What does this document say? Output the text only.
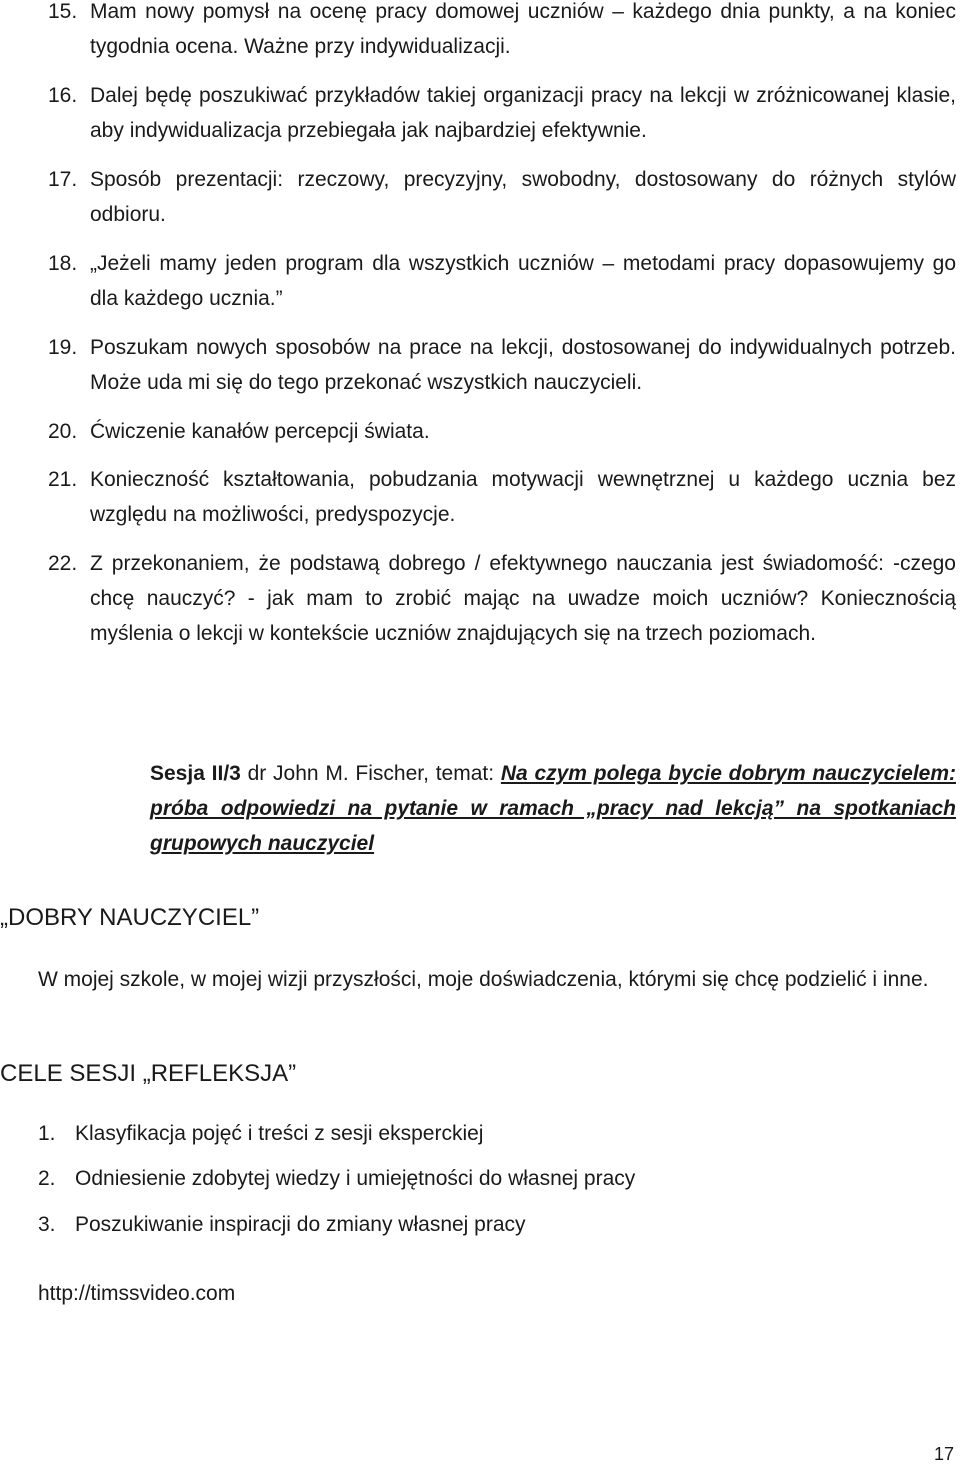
15. Mam nowy pomysł na ocenę pracy domowej uczniów – każdego dnia punkty, a na koniec tygodnia ocena. Ważne przy indywidualizacji.
16. Dalej będę poszukiwać przykładów takiej organizacji pracy na lekcji w zróżnicowanej klasie, aby indywidualizacja przebiegała jak najbardziej efektywnie.
17. Sposób prezentacji: rzeczowy, precyzyjny, swobodny, dostosowany do różnych stylów odbioru.
18. „Jeżeli mamy jeden program dla wszystkich uczniów – metodami pracy dopasowujemy go dla każdego ucznia.”
19. Poszukam nowych sposobów na prace na lekcji, dostosowanej do indywidualnych potrzeb. Może uda mi się do tego przekonać wszystkich nauczycieli.
20. Ćwiczenie kanałów percepcji świata.
21. Konieczność kształtowania, pobudzania motywacji wewnętrznej u każdego ucznia bez względu na możliwości, predyspozycje.
22. Z przekonaniem, że podstawą dobrego / efektywnego nauczania jest świadomość: -czego chcę nauczyć? - jak mam to zrobić mając na uwadze moich uczniów? Koniecznością myślenia o lekcji w kontekście uczniów znajdujących się na trzech poziomach.
Sesja II/3 dr John M. Fischer, temat: Na czym polega bycie dobrym nauczycielem: próba odpowiedzi na pytanie w ramach „pracy nad lekcją” na spotkaniach grupowych nauczyciel
„DOBRY NAUCZYCIEL”
W mojej szkole, w mojej wizji przyszłości, moje doświadczenia, którymi się chcę podzielić i inne.
CELE SESJI „REFLEKSJA”
1. Klasyfikacja pojęć i treści z sesji eksperckiej
2. Odniesienie zdobytej wiedzy i umiejętności do własnej pracy
3. Poszukiwanie inspiracji do zmiany własnej pracy
http://timssvideo.com
17
